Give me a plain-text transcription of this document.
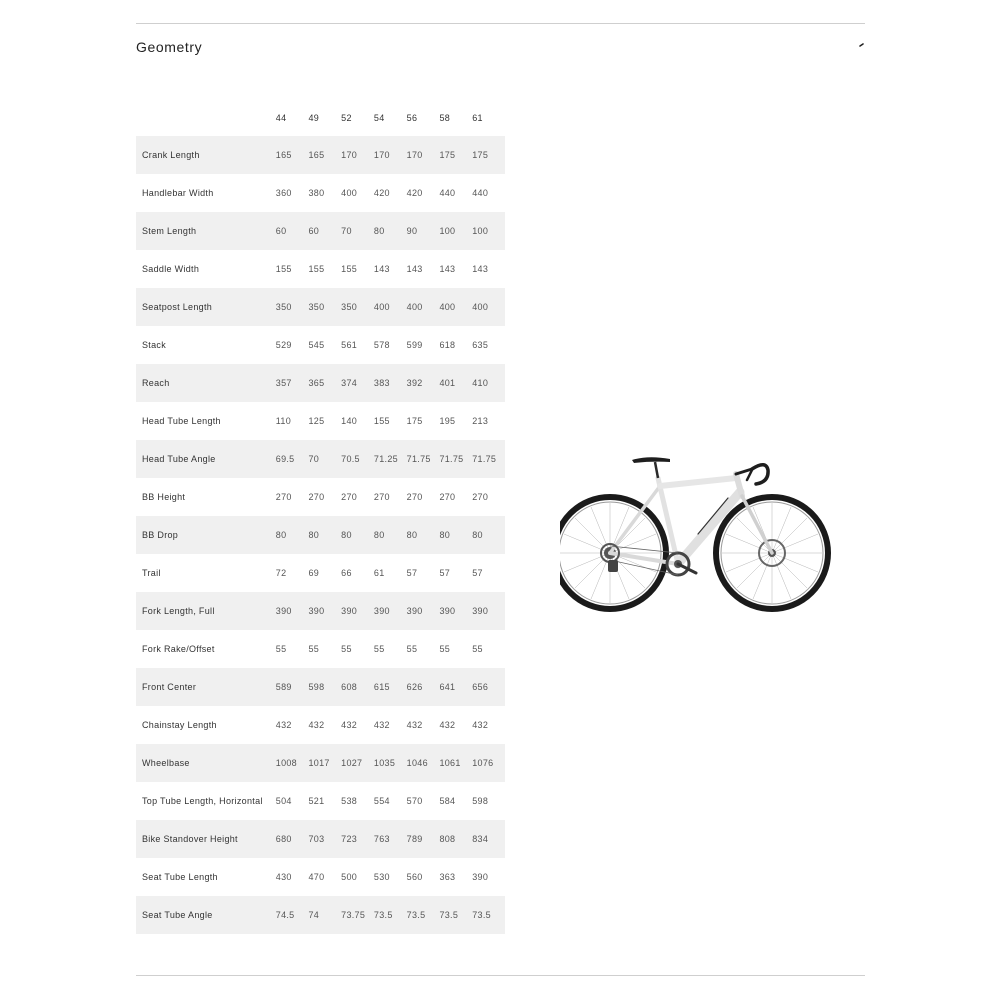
Geometry
	44	49	52	54	56	58	61
Crank Length	165	165	170	170	170	175	175
Handlebar Width	360	380	400	420	420	440	440
Stem Length	60	60	70	80	90	100	100
Saddle Width	155	155	155	143	143	143	143
Seatpost Length	350	350	350	400	400	400	400
Stack	529	545	561	578	599	618	635
Reach	357	365	374	383	392	401	410
Head Tube Length	110	125	140	155	175	195	213
Head Tube Angle	69.5	70	70.5	71.25	71.75	71.75	71.75
BB Height	270	270	270	270	270	270	270
BB Drop	80	80	80	80	80	80	80
Trail	72	69	66	61	57	57	57
Fork Length, Full	390	390	390	390	390	390	390
Fork Rake/Offset	55	55	55	55	55	55	55
Front Center	589	598	608	615	626	641	656
Chainstay Length	432	432	432	432	432	432	432
Wheelbase	1008	1017	1027	1035	1046	1061	1076
Top Tube Length, Horizontal	504	521	538	554	570	584	598
Bike Standover Height	680	703	723	763	789	808	834
Seat Tube Length	430	470	500	530	560	363	390
Seat Tube Angle	74.5	74	73.75	73.5	73.5	73.5	73.5
